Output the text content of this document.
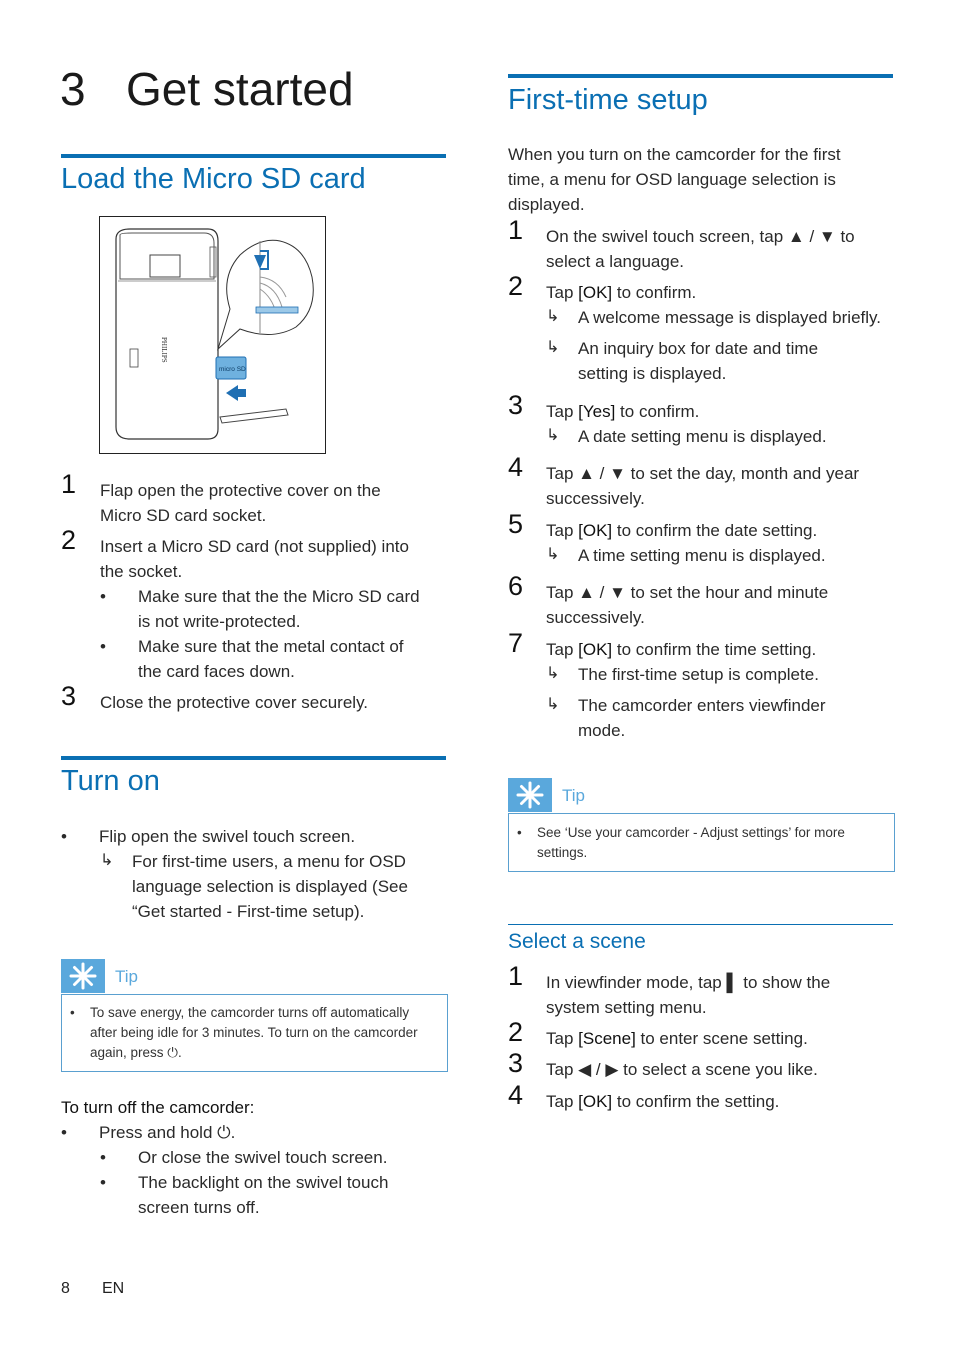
3 Get started
Load the Micro SD card
PHILIPS
micro SD
1 Flap open the protective cover on the
Micro SD card socket.
2 Insert a Micro SD card (not supplied) into
the socket.
• Make sure that the the Micro SD card
is not write-protected.
• Make sure that the metal contact of
the card faces down.
3 Close the protective cover securely.
Turn on
• Flip open the swivel touch screen.
↳ For first-time users, a menu for OSD
language selection is displayed (See
“Get started - First-time setup).
Tip
• To save energy, the camcorder turns off automatically
after being idle for 3 minutes. To turn on the camcorder
again, press ⏻.
To turn off the camcorder:
• Press and hold ⏻.
• Or close the swivel touch screen.
• The backlight on the swivel touch
screen turns off.
First-time setup
When you turn on the camcorder for the first
time, a menu for OSD language selection is
displayed.
1 On the swivel touch screen, tap ▲ / ▼ to
select a language.
2 Tap [OK] to confirm.
↳ A welcome message is displayed briefly.
↳ An inquiry box for date and time
setting is displayed.
3 Tap [Yes] to confirm.
↳ A date setting menu is displayed.
4 Tap ▲ / ▼ to set the day, month and year
successively.
5 Tap [OK] to confirm the date setting.
↳ A time setting menu is displayed.
6 Tap ▲ / ▼ to set the hour and minute
successively.
7 Tap [OK] to confirm the time setting.
↳ The first-time setup is complete.
↳ The camcorder enters viewfinder
mode.
Tip
• See ‘Use your camcorder - Adjust settings’ for more
settings.
Select a scene
1 In viewfinder mode, tap ▌ to show the
system setting menu.
2 Tap [Scene] to enter scene setting.
3 Tap ◀ / ▶ to select a scene you like.
4 Tap [OK] to confirm the setting.
8 EN
